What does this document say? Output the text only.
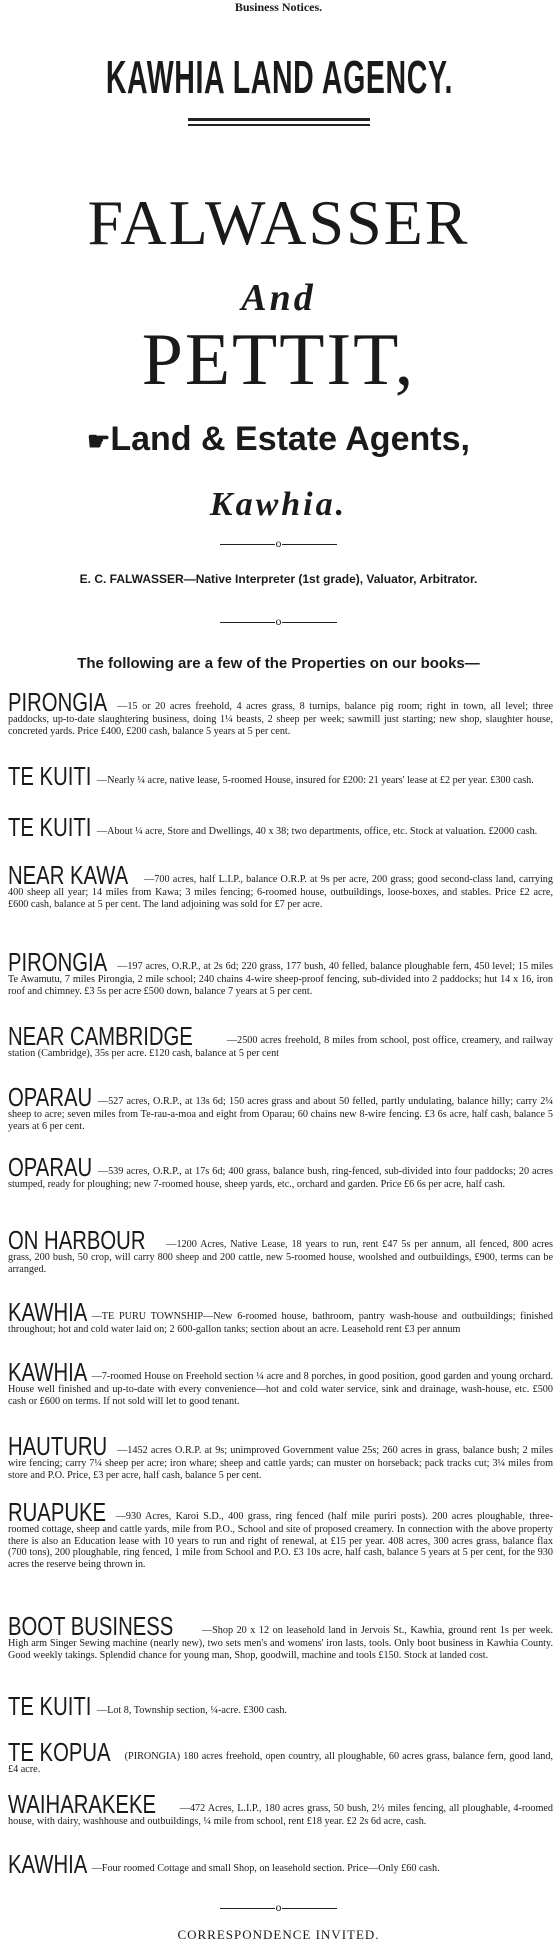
Business Notices.
KAWHIA LAND AGENCY.
FALWASSER
And
PETTIT,
☛Land & Estate Agents,
Kawhia.
o
E. C. FALWASSER—Native Interpreter (1st grade), Valuator, Arbitrator.
o
The following are a few of the Properties on our books—
PIRONGIA —15 or 20 acres freehold, 4 acres grass, 8 turnips, balance pig room; right in town, all level; three paddocks, up-to-date slaughtering business, doing 1¼ beasts, 2 sheep per week; sawmill just starting; new shop, slaughter house, concreted yards. Price £400, £200 cash, balance 5 years at 5 per cent.
TE KUITI —Nearly ¼ acre, native lease, 5-roomed House, insured for £200: 21 years' lease at £2 per year. £300 cash.
TE KUITI —About ¼ acre, Store and Dwellings, 40 x 38; two departments, office, etc. Stock at valuation. £2000 cash.
NEAR KAWA —700 acres, half L.I.P., balance O.R.P. at 9s per acre, 200 grass; good second-class land, carrying 400 sheep all year; 14 miles from Kawa; 3 miles fencing; 6-roomed house, outbuildings, loose-boxes, and stables. Price £2 acre, £600 cash, balance at 5 per cent. The land adjoining was sold for £7 per acre.
PIRONGIA —197 acres, O.R.P., at 2s 6d; 220 grass, 177 bush, 40 felled, balance ploughable fern, 450 level; 15 miles Te Awamutu, 7 miles Pirongia, 2 mile school; 240 chains 4-wire sheep-proof fencing, sub-divided into 2 paddocks; hut 14 x 16, iron roof and chimney. £3 5s per acre £500 down, balance 7 years at 5 per cent.
NEAR CAMBRIDGE	—2500 acres freehold, 8 miles from school, post office, creamery, and railway station (Cambridge), 35s per acre. £120 cash, balance at 5 per cent
OPARAU —527 acres, O.R.P., at 13s 6d; 150 acres grass and about 50 felled, partly undulating, balance hilly; carry 2¼ sheep to acre; seven miles from Te-rau-a-moa and eight from Oparau; 60 chains new 8-wire fencing. £3 6s acre, half cash, balance 5 years at 6 per cent.
OPARAU —539 acres, O.R.P., at 17s 6d; 400 grass, balance bush, ring-fenced, sub-divided into four paddocks; 20 acres stumped, ready for ploughing; new 7-roomed house, sheep yards, etc., orchard and garden. Price £6 6s per acre, half cash.
ON HARBOUR —1200 Acres, Native Lease, 18 years to run, rent £47 5s per annum, all fenced, 800 acres grass, 200 bush, 50 crop, will carry 800 sheep and 200 cattle, new 5-roomed house, woolshed and outbuildings, £900, terms can be arranged.
KAWHIA —TE PURU TOWNSHIP—New 6-roomed house, bathroom, pantry wash-house and outbuildings; finished throughout; hot and cold water laid on; 2 600-gallon tanks; section about an acre. Leasehold rent £3 per annum
KAWHIA —7-roomed House on Freehold section ¼ acre and 8 porches, in good position, good garden and young orchard. House well finished and up-to-date with every convenience—hot and cold water service, sink and drainage, wash-house, etc. £500 cash or £600 on terms. If not sold will let to good tenant.
HAUTURU —1452 acres O.R.P. at 9s; unimproved Government value 25s; 260 acres in grass, balance bush; 2 miles wire fencing; carry 7¼ sheep per acre; iron whare; sheep and cattle yards; can muster on horseback; pack tracks cut; 3¼ miles from store and P.O. Price, £3 per acre, half cash, balance 5 per cent.
RUAPUKE —930 Acres, Karoi S.D., 400 grass, ring fenced (half mile puriri posts). 200 acres ploughable, three-roomed cottage, sheep and cattle yards, mile from P.O., School and site of proposed creamery. In connection with the above property there is also an Education lease with 10 years to run and right of renewal, at £15 per year. 408 acres, 300 acres grass, balance flax (700 tons), 200 ploughable, ring fenced, 1 mile from School and P.O. £3 10s acre, half cash, balance 5 years at 5 per cent, for the 930 acres the reserve being thrown in.
BOOT BUSINESS	—Shop 20 x 12 on leasehold land in Jervois St., Kawhia, ground rent 1s per week. High arm Singer Sewing machine (nearly new), two sets men's and womens' iron lasts, tools. Only boot business in Kawhia County. Good weekly takings. Splendid chance for young man, Shop, goodwill, machine and tools £150. Stock at landed cost.
TE KUITI —Lot 8, Township section, ¼-acre. £300 cash.
TE KOPUA (PIRONGIA) 180 acres freehold, open country, all ploughable, 60 acres grass, balance fern, good land, £4 acre.
WAIHARAKEKE —472 Acres, L.I.P., 180 acres grass, 50 bush, 2½ miles fencing, all ploughable, 4-roomed house, with dairy, washhouse and outbuildings, ¼ mile from school, rent £18 year. £2 2s 6d acre, cash.
KAWHIA —Four roomed Cottage and small Shop, on leasehold section. Price—Only £60 cash.
o
CORRESPONDENCE INVITED.
